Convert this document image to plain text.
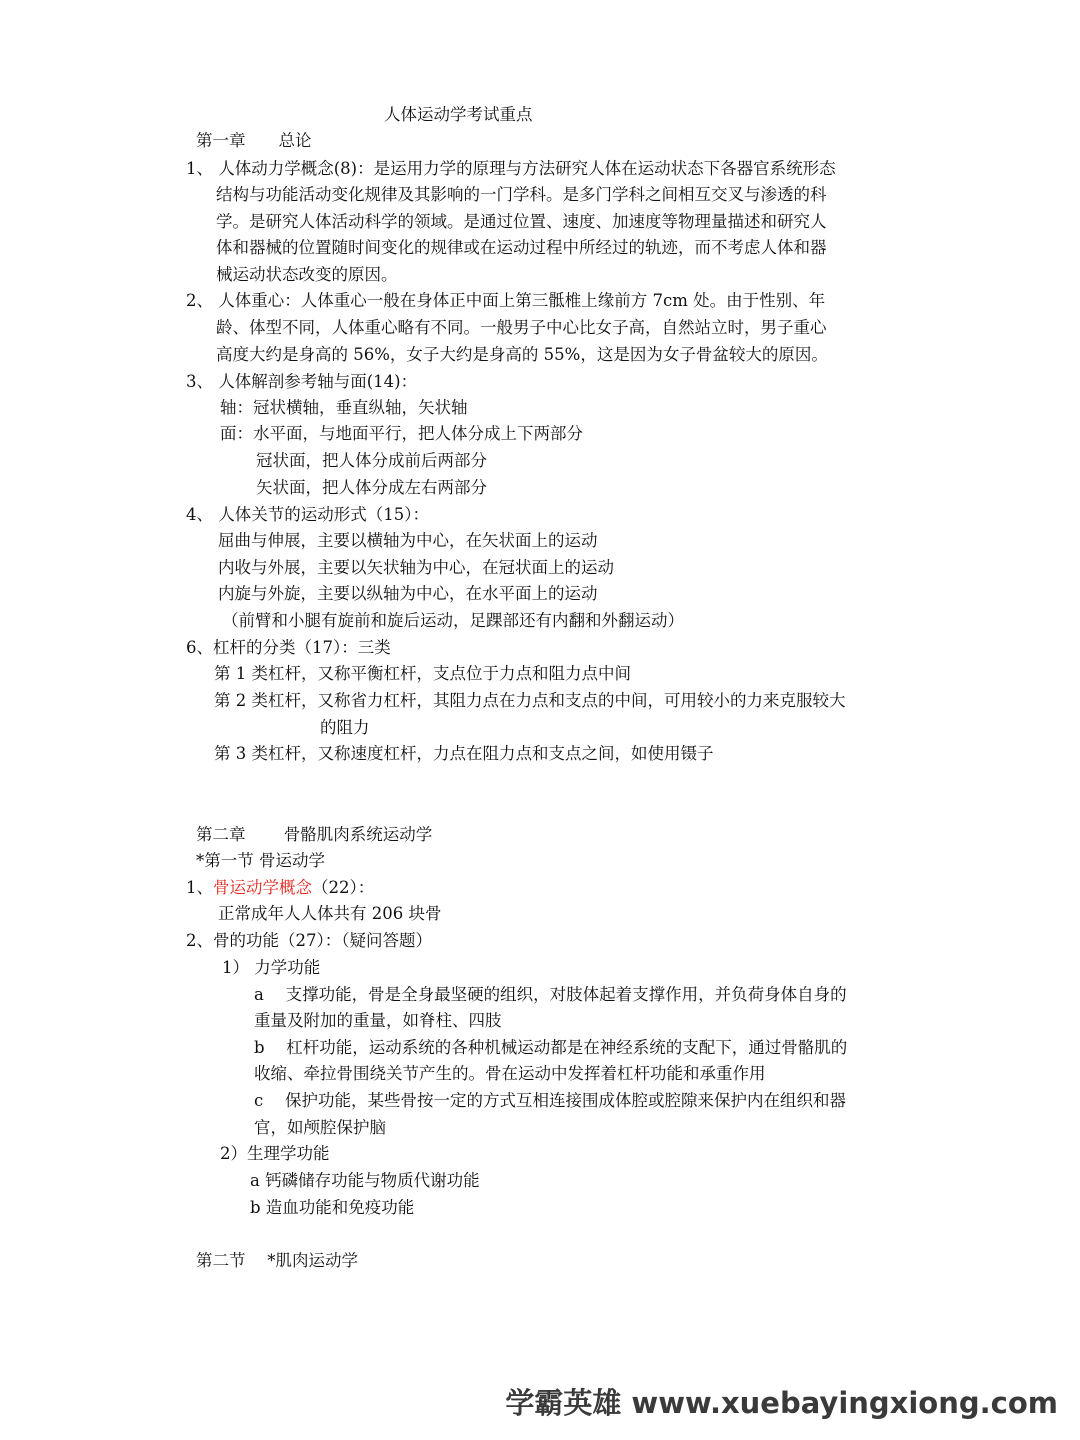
人体运动学考试重点
第一章　　总论
1、 人体动力学概念(8)：是运用力学的原理与方法研究人体在运动状态下各器官系统形态
结构与功能活动变化规律及其影响的一门学科。是多门学科之间相互交叉与渗透的科
学。是研究人体活动科学的领域。是通过位置、速度、加速度等物理量描述和研究人
体和器械的位置随时间变化的规律或在运动过程中所经过的轨迹，而不考虑人体和器
械运动状态改变的原因。
2、 人体重心：人体重心一般在身体正中面上第三骶椎上缘前方 7cm 处。由于性别、年
龄、体型不同，人体重心略有不同。一般男子中心比女子高，自然站立时，男子重心
高度大约是身高的 56%，女子大约是身高的 55%，这是因为女子骨盆较大的原因。
3、 人体解剖参考轴与面(14)：
轴：冠状横轴，垂直纵轴，矢状轴
面：水平面，与地面平行，把人体分成上下两部分
冠状面，把人体分成前后两部分
矢状面，把人体分成左右两部分
4、 人体关节的运动形式（15）：
屈曲与伸展，主要以横轴为中心，在矢状面上的运动
内收与外展，主要以矢状轴为中心，在冠状面上的运动
内旋与外旋，主要以纵轴为中心，在水平面上的运动
（前臂和小腿有旋前和旋后运动，足踝部还有内翻和外翻运动）
6、杠杆的分类（17）：三类
第 1 类杠杆，又称平衡杠杆，支点位于力点和阻力点中间
第 2 类杠杆，又称省力杠杆，其阻力点在力点和支点的中间，可用较小的力来克服较大
的阻力
第 3 类杠杆，又称速度杠杆，力点在阻力点和支点之间，如使用镊子
第二章　　 骨骼肌肉系统运动学
*第一节 骨运动学
1、骨运动学概念（22）：
正常成年人人体共有 206 块骨
2、骨的功能（27）：（疑问答题）
1） 力学功能
a　 支撑功能，骨是全身最坚硬的组织，对肢体起着支撑作用，并负荷身体自身的
重量及附加的重量，如脊柱、四肢
b　 杠杆功能，运动系统的各种机械运动都是在神经系统的支配下，通过骨骼肌的
收缩、牵拉骨围绕关节产生的。骨在运动中发挥着杠杆功能和承重作用
c　 保护功能，某些骨按一定的方式互相连接围成体腔或腔隙来保护内在组织和器
官，如颅腔保护脑
2）生理学功能
a 钙磷储存功能与物质代谢功能
b 造血功能和免疫功能
第二节　 *肌肉运动学
学霸英雄 www.xuebayingxiong.com
